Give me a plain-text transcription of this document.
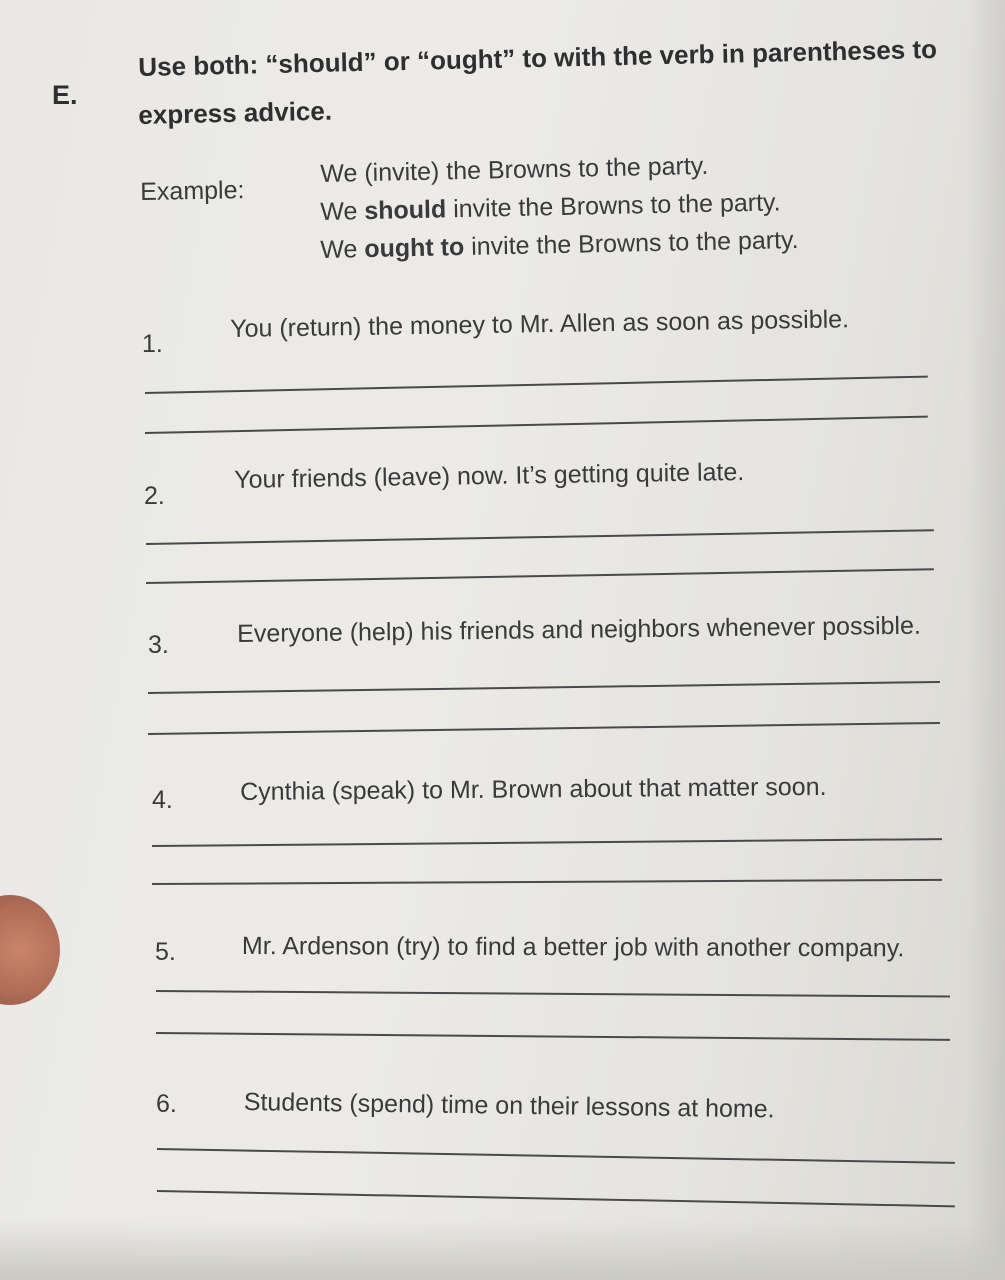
E.
Use both: “should” or “ought” to with the verb in parentheses to
express advice.
Example:
We (invite) the Browns to the party.
We should invite the Browns to the party.
We ought to invite the Browns to the party.
1.
You (return) the money to Mr. Allen as soon as possible.
2.
Your friends (leave) now. It’s getting quite late.
3.	Everyone (help) his friends and neighbors whenever possible.
4.	Cynthia (speak) to Mr. Brown about that matter soon.
5.	Mr. Ardenson (try) to find a better job with another company.
6.	Students (spend) time on their lessons at home.
